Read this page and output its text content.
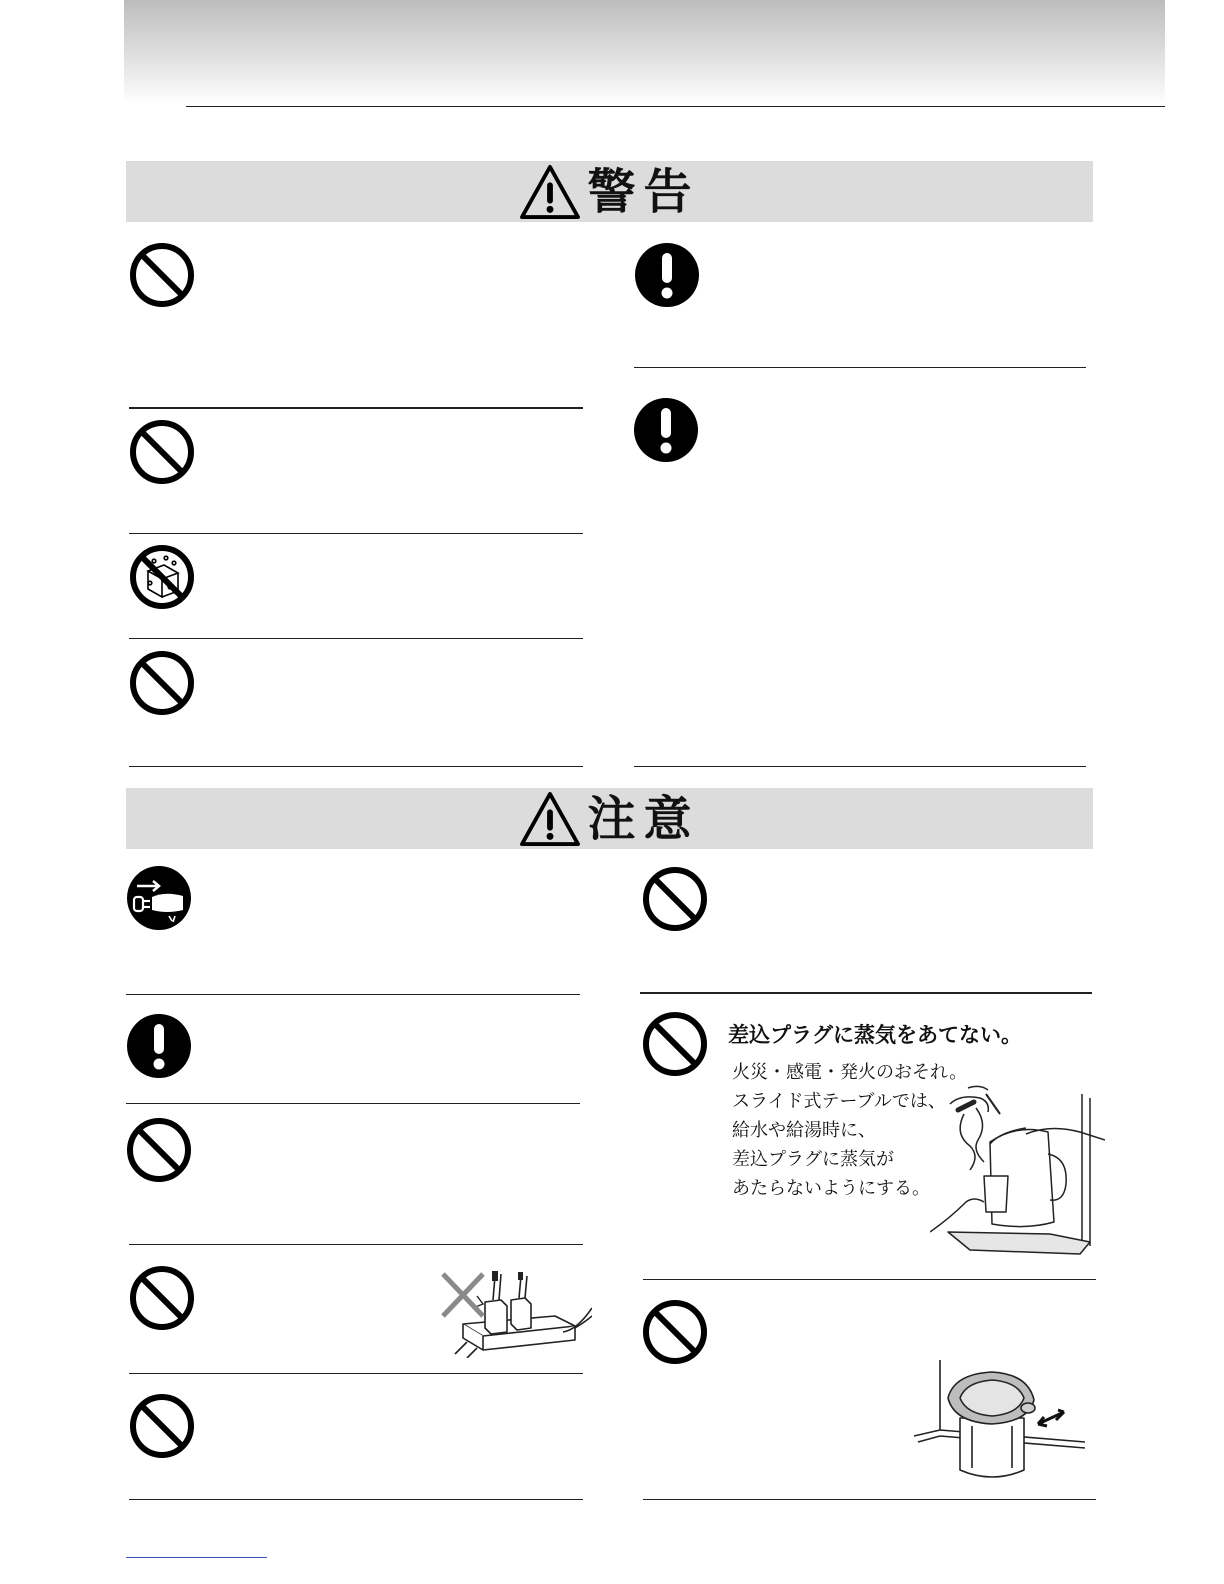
警告
注意
差込プラグに蒸気をあてない。
火災・感電・発火のおそれ。
スライド式テーブルでは、
給水や給湯時に、
差込プラグに蒸気が
あたらないようにする。
